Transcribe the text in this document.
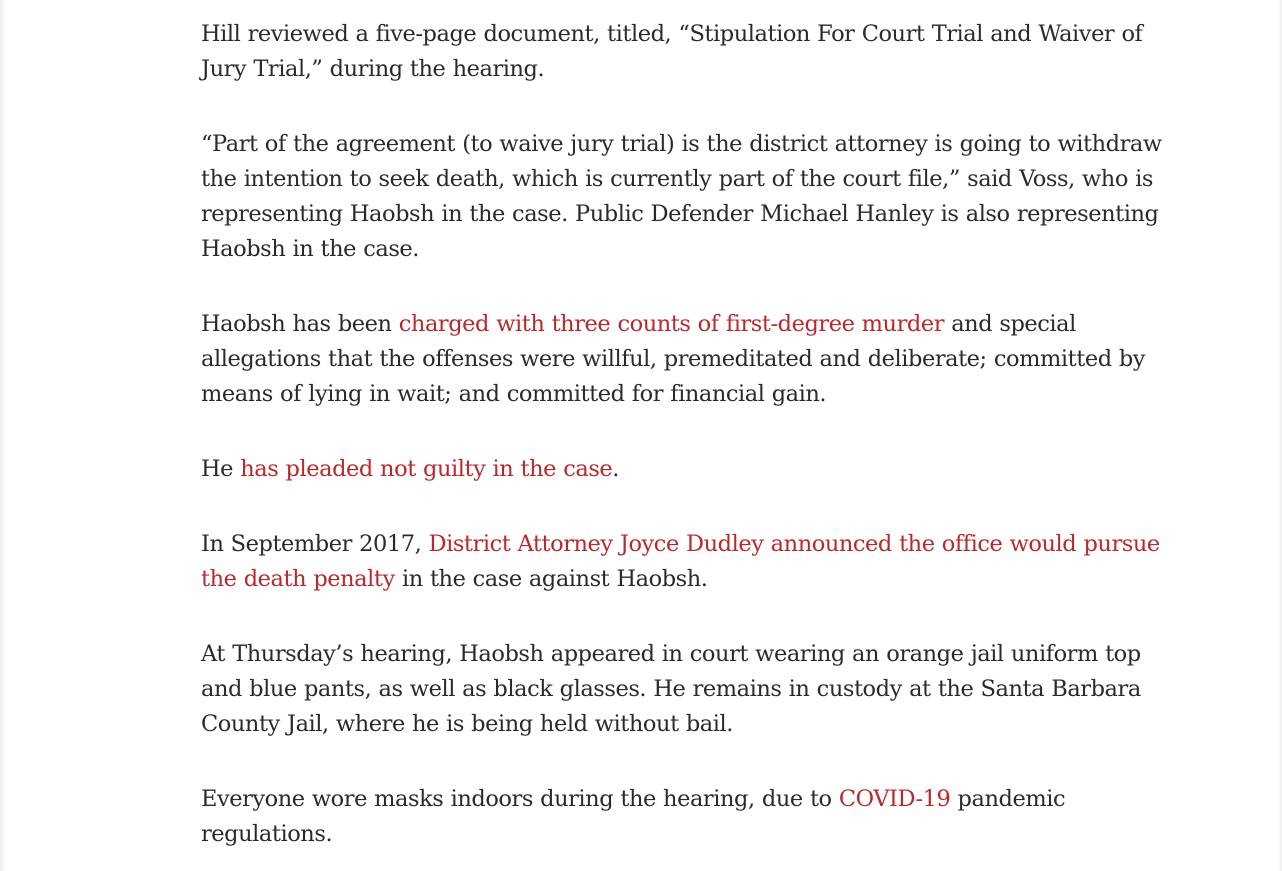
Hill reviewed a five-page document, titled, “Stipulation For Court Trial and Waiver of Jury Trial,” during the hearing.

“Part of the agreement (to waive jury trial) is the district attorney is going to withdraw the intention to seek death, which is currently part of the court file,” said Voss, who is representing Haobsh in the case. Public Defender Michael Hanley is also representing Haobsh in the case.

Haobsh has been charged with three counts of first-degree murder and special allegations that the offenses were willful, premeditated and deliberate; committed by means of lying in wait; and committed for financial gain.

He has pleaded not guilty in the case.

In September 2017, District Attorney Joyce Dudley announced the office would pursue the death penalty in the case against Haobsh.

At Thursday’s hearing, Haobsh appeared in court wearing an orange jail uniform top and blue pants, as well as black glasses. He remains in custody at the Santa Barbara County Jail, where he is being held without bail.

Everyone wore masks indoors during the hearing, due to COVID-19 pandemic regulations.
